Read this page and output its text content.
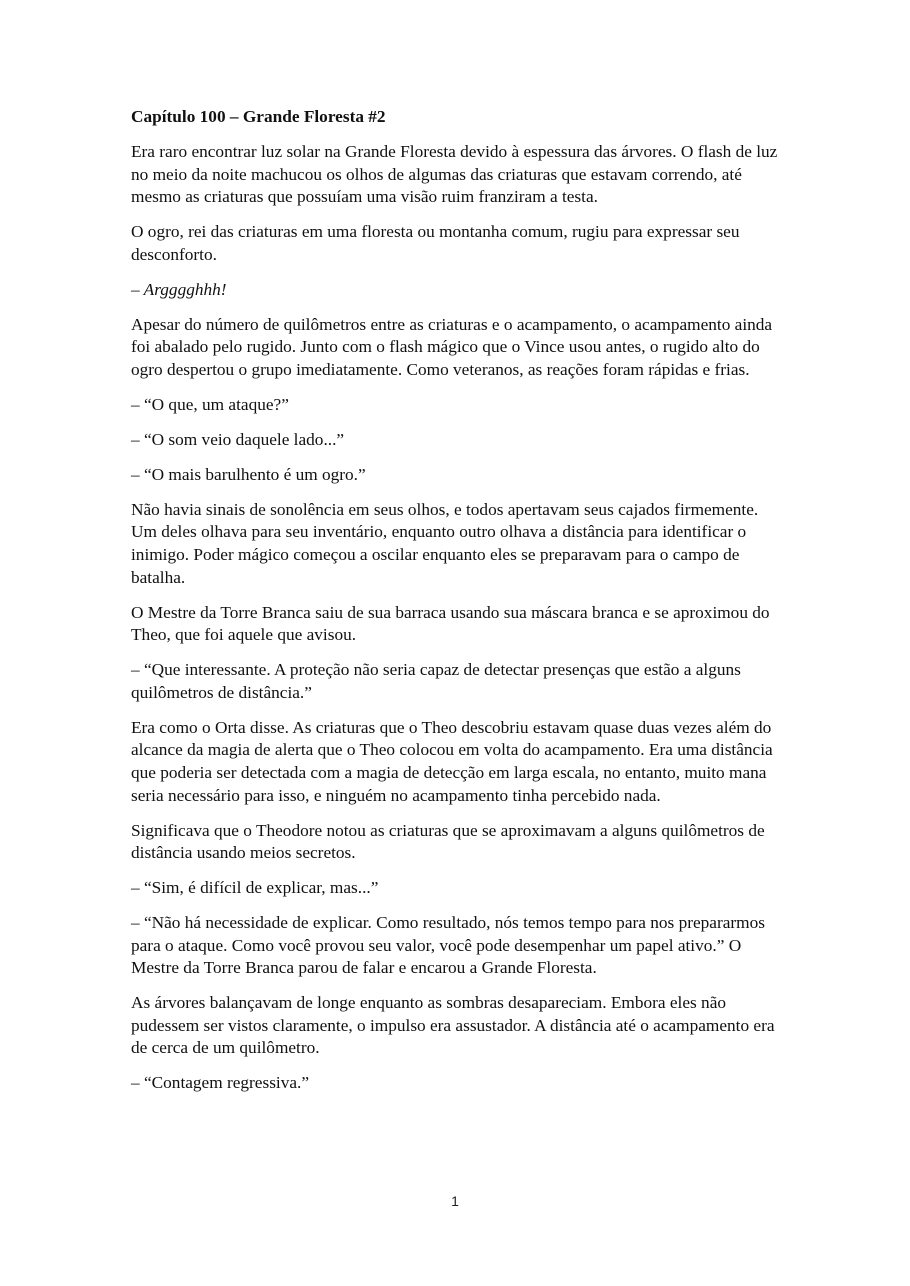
Capítulo 100 – Grande Floresta #2

Era raro encontrar luz solar na Grande Floresta devido à espessura das árvores. O flash de luz no meio da noite machucou os olhos de algumas das criaturas que estavam correndo, até mesmo as criaturas que possuíam uma visão ruim franziram a testa.

O ogro, rei das criaturas em uma floresta ou montanha comum, rugiu para expressar seu desconforto.

– Argggghhh!

Apesar do número de quilômetros entre as criaturas e o acampamento, o acampamento ainda foi abalado pelo rugido. Junto com o flash mágico que o Vince usou antes, o rugido alto do ogro despertou o grupo imediatamente. Como veteranos, as reações foram rápidas e frias.

– “O que, um ataque?”

– “O som veio daquele lado...”

– “O mais barulhento é um ogro.”

Não havia sinais de sonolência em seus olhos, e todos apertavam seus cajados firmemente. Um deles olhava para seu inventário, enquanto outro olhava a distância para identificar o inimigo. Poder mágico começou a oscilar enquanto eles se preparavam para o campo de batalha.

O Mestre da Torre Branca saiu de sua barraca usando sua máscara branca e se aproximou do Theo, que foi aquele que avisou.

– “Que interessante. A proteção não seria capaz de detectar presenças que estão a alguns quilômetros de distância.”

Era como o Orta disse. As criaturas que o Theo descobriu estavam quase duas vezes além do alcance da magia de alerta que o Theo colocou em volta do acampamento. Era uma distância que poderia ser detectada com a magia de detecção em larga escala, no entanto, muito mana seria necessário para isso, e ninguém no acampamento tinha percebido nada.

Significava que o Theodore notou as criaturas que se aproximavam a alguns quilômetros de distância usando meios secretos.

– “Sim, é difícil de explicar, mas...”

– “Não há necessidade de explicar. Como resultado, nós temos tempo para nos prepararmos para o ataque. Como você provou seu valor, você pode desempenhar um papel ativo.” O Mestre da Torre Branca parou de falar e encarou a Grande Floresta.

As árvores balançavam de longe enquanto as sombras desapareciam. Embora eles não pudessem ser vistos claramente, o impulso era assustador. A distância até o acampamento era de cerca de um quilômetro.

– “Contagem regressiva.”

1
